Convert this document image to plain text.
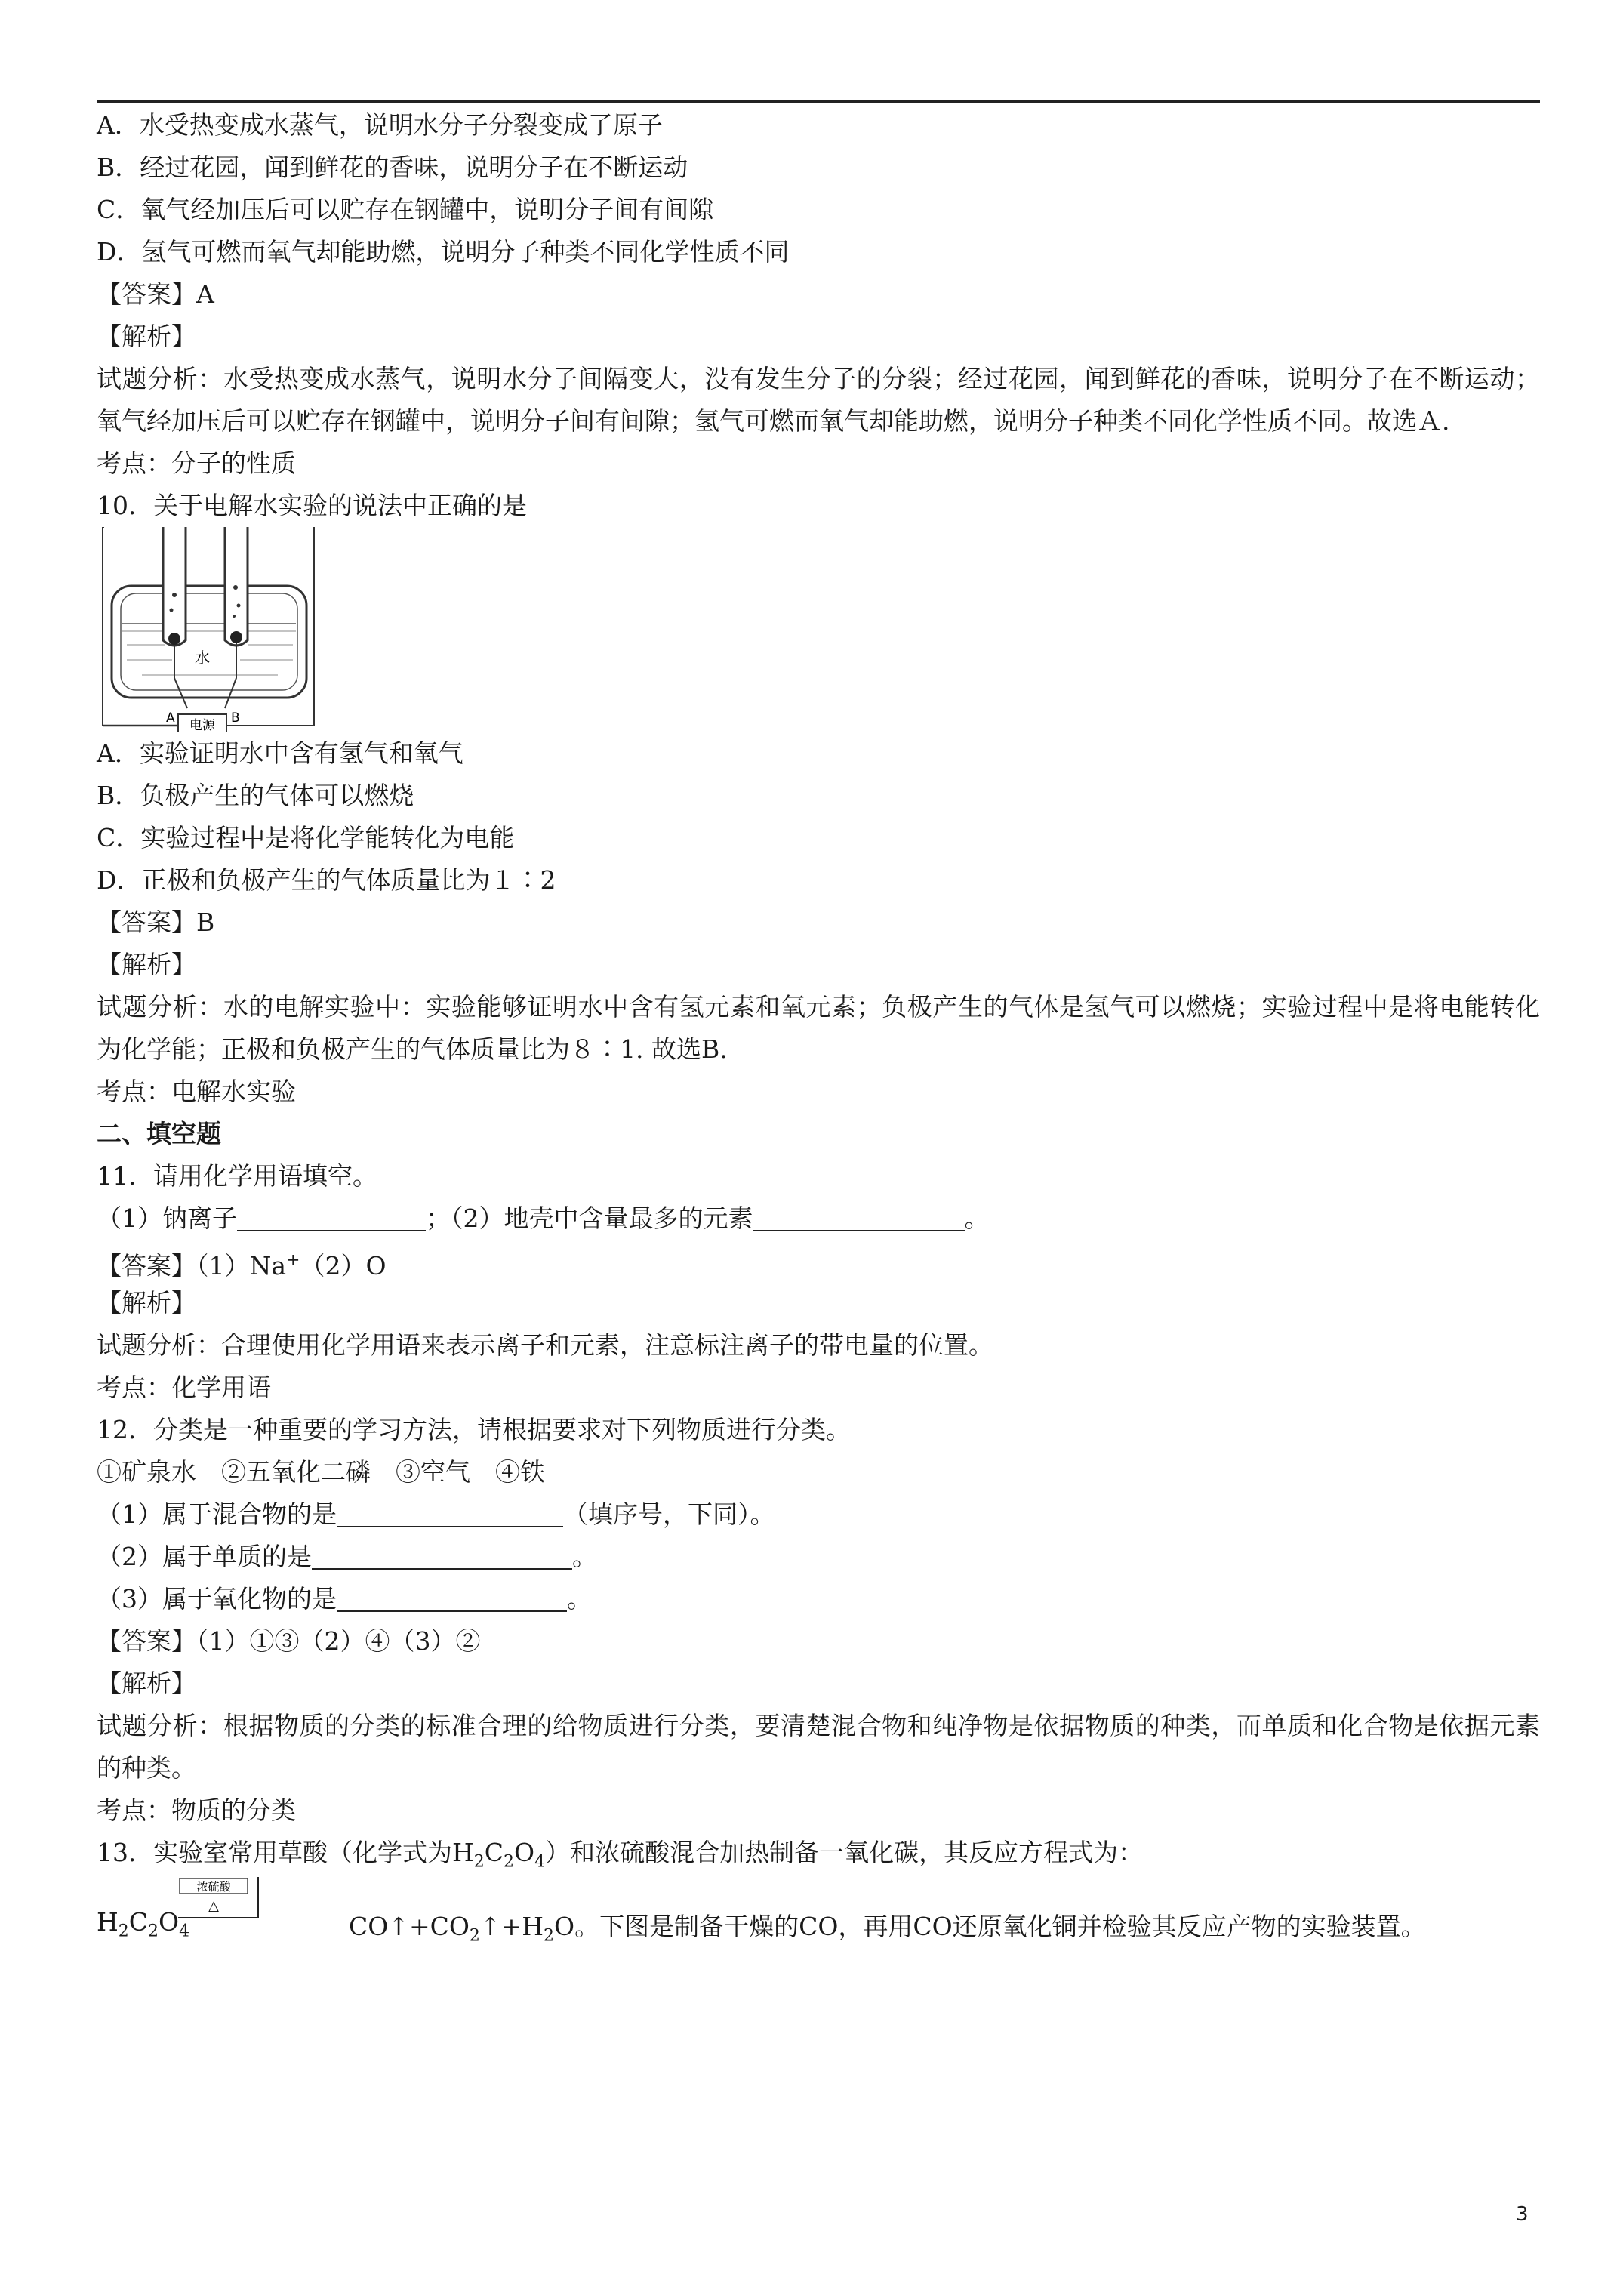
A．水受热变成水蒸气，说明水分子分裂变成了原子
B．经过花园，闻到鲜花的香味，说明分子在不断运动
C．氧气经加压后可以贮存在钢罐中，说明分子间有间隙
D．氢气可燃而氧气却能助燃，说明分子种类不同化学性质不同
【答案】A
【解析】
试题分析：水受热变成水蒸气，说明水分子间隔变大，没有发生分子的分裂；经过花园，闻到鲜花的香味，说明分子在不断运动；氧气经加压后可以贮存在钢罐中，说明分子间有间隙；氢气可燃而氧气却能助燃，说明分子种类不同化学性质不同。故选Ａ.
考点：分子的性质
10．关于电解水实验的说法中正确的是
电源
A	B
水
A．实验证明水中含有氢气和氧气
B．负极产生的气体可以燃烧
C．实验过程中是将化学能转化为电能
D．正极和负极产生的气体质量比为１∶2
【答案】B
【解析】
试题分析：水的电解实验中：实验能够证明水中含有氢元素和氧元素；负极产生的气体是氢气可以燃烧；实验过程中是将电能转化为化学能；正极和负极产生的气体质量比为８∶1. 故选B.
考点：电解水实验
二、填空题
11．请用化学用语填空。
（1）钠离子	；（2）地壳中含量最多的元素	。
【答案】（1）Na+（2）O
【解析】
试题分析：合理使用化学用语来表示离子和元素，注意标注离子的带电量的位置。
考点：化学用语
12．分类是一种重要的学习方法，请根据要求对下列物质进行分类。
①矿泉水　②五氧化二磷　③空气　④铁
（1）属于混合物的是	（填序号，下同）。
（2）属于单质的是	。
（3）属于氧化物的是	。
【答案】（1）①③（2）④（3）②
【解析】
试题分析：根据物质的分类的标准合理的给物质进行分类，要清楚混合物和纯净物是依据物质的种类，而单质和化合物是依据元素的种类。
考点：物质的分类
13．实验室常用草酸（化学式为$H_2C_2O_4$）和浓硫酸混合加热制备一氧化碳，其反应方程式为：
$H_2C_2O_4$
浓硫酸
△
$CO↑+CO_2↑+H_2O$。下图是制备干燥的CO，再用CO还原氧化铜并检验其反应产物的实验装置。
3
